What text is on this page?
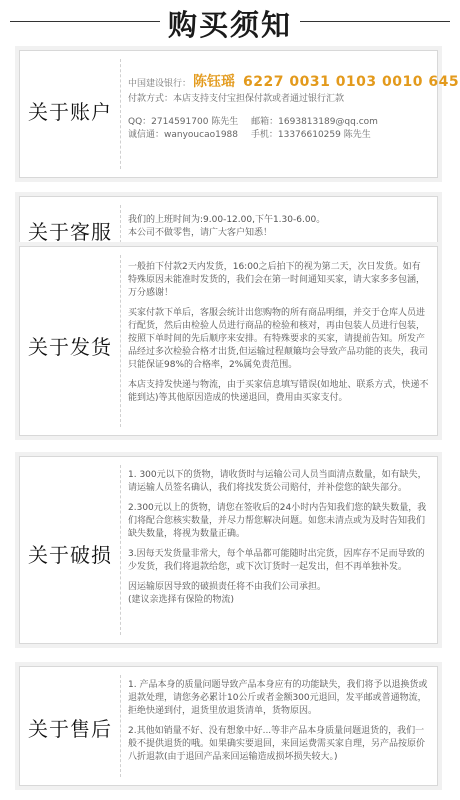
购买须知
关于账户
中国建设银行： 陈钰瑶 6227 0031 0103 0010 645
付款方式：本店支持支付宝担保付款或者通过银行汇款
QQ：2714591700 陈先生 邮箱：1693813189@qq.com
诚信通：wanyoucao1988 手机：13376610259 陈先生
关于客服 我们的上班时间为:9.00-12.00,下午1.30-6.00。
本公司不做零售，请广大客户知悉！
关于发货

一般拍下付款2天内发货，16:00之后拍下的视为第二天，次日发货。如有特殊原因未能准时发货的，我们会在第一时间通知买家，请大家多多包涵，万分感谢！

买家付款下单后，客服会统计出您购物的所有商品明细，并交于仓库人员进行配货，然后由检验人员进行商品的检验和核对，再由包装人员进行包装，按照下单时间的先后顺序来安排。有特殊要求的买家，请提前告知。所发产品经过多次检验合格才出货,但运输过程颠簸均会导致产品功能的丧失，我司只能保证98%的合格率，2%属免责范围。

本店支持发快递与物流，由于买家信息填写错误(如地址、联系方式，快递不能到达)等其他原因造成的快递退回，费用由买家支付。

关于破损

1. 300元以下的货物，请收货时与运输公司人员当面清点数量，如有缺失，请运输人员签名确认，我们将找发货公司赔付，并补偿您的缺失部分。

2.300元以上的货物，请您在签收后的24小时内告知我们您的缺失数量，我们将配合您核实数量，并尽力帮您解决问题。如您未清点或为及时告知我们缺失数量，将视为数量正确。

3.因每天发货量非常大，每个单品都可能随时出完货，因库存不足而导致的少发货，我们将退款给您，或下次订货时一起发出，但不再单独补发。

因运输原因导致的破损责任将不由我们公司承担。
(建议亲选择有保险的物流)

关于售后

1. 产品本身的质量问题导致产品本身应有的功能缺失，我们将予以退换货或退款处理，请您务必累计10公斤或者金额300元退回，发平邮或普通物流，拒绝快递到付，退货里放退货清单，货物原因。

2.其他如销量不好、没有想象中好...等非产品本身质量问题退货的，我们一般不提供退货的哦。如果确实要退回，来回运费需买家自理，另产品按原价八折退款(由于退回产品来回运输造成损坏损失较大。)
